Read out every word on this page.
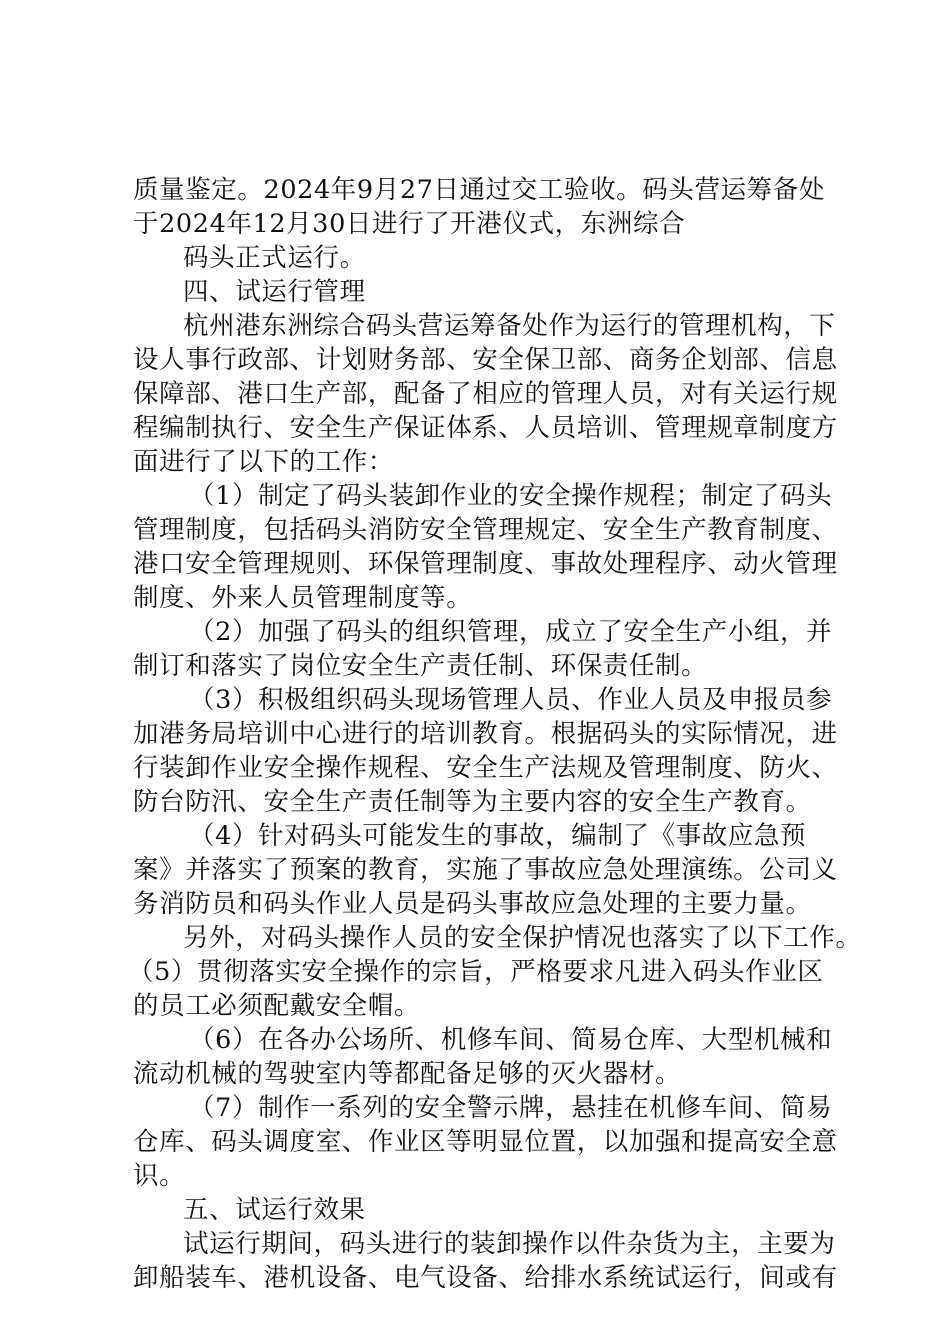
质量鉴定。2024年9月27日通过交工验收。码头营运筹备处
于2024年12月30日进行了开港仪式，东洲综合
码头正式运行。
四、试运行管理
杭州港东洲综合码头营运筹备处作为运行的管理机构，下
设人事行政部、计划财务部、安全保卫部、商务企划部、信息
保障部、港口生产部，配备了相应的管理人员，对有关运行规
程编制执行、安全生产保证体系、人员培训、管理规章制度方
面进行了以下的工作：
（1）制定了码头装卸作业的安全操作规程；制定了码头
管理制度，包括码头消防安全管理规定、安全生产教育制度、
港口安全管理规则、环保管理制度、事故处理程序、动火管理
制度、外来人员管理制度等。
（2）加强了码头的组织管理，成立了安全生产小组，并
制订和落实了岗位安全生产责任制、环保责任制。
（3）积极组织码头现场管理人员、作业人员及申报员参
加港务局培训中心进行的培训教育。根据码头的实际情况，进
行装卸作业安全操作规程、安全生产法规及管理制度、防火、
防台防汛、安全生产责任制等为主要内容的安全生产教育。
（4）针对码头可能发生的事故，编制了《事故应急预
案》并落实了预案的教育，实施了事故应急处理演练。公司义
务消防员和码头作业人员是码头事故应急处理的主要力量。
另外，对码头操作人员的安全保护情况也落实了以下工作。
（5）贯彻落实安全操作的宗旨，严格要求凡进入码头作业区
的员工必须配戴安全帽。
（6）在各办公场所、机修车间、简易仓库、大型机械和
流动机械的驾驶室内等都配备足够的灭火器材。
（7）制作一系列的安全警示牌，悬挂在机修车间、简易
仓库、码头调度室、作业区等明显位置，以加强和提高安全意
识。
五、试运行效果
试运行期间，码头进行的装卸操作以件杂货为主，主要为
卸船装车、港机设备、电气设备、给排水系统试运行，间或有
